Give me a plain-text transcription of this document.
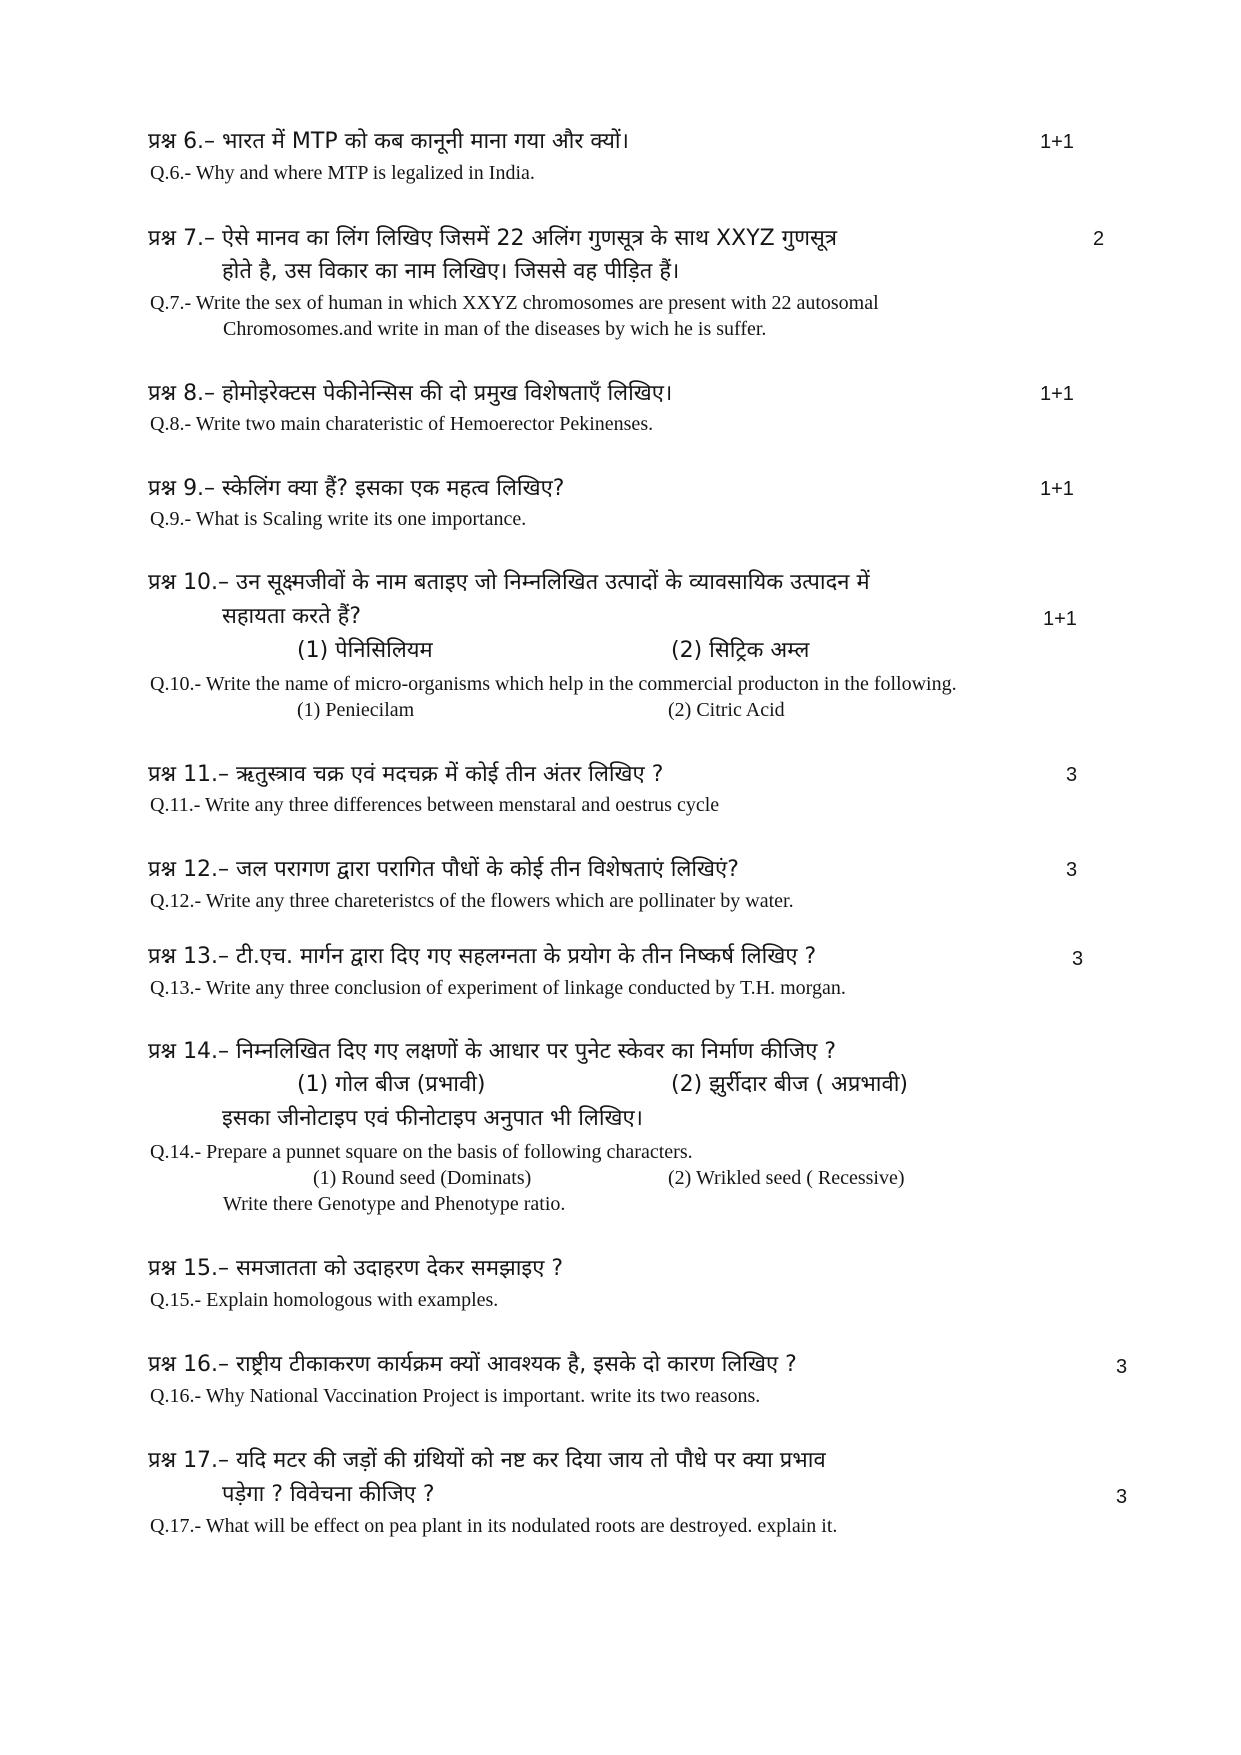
प्रश्न 6.– भारत में MTP को कब कानूनी माना गया और क्यों।	1+1
Q.6.- Why and where MTP is legalized in India.
प्रश्न 7.– ऐसे मानव का लिंग लिखिए जिसमें 22 अलिंग गुणसूत्र के साथ XXYZ गुणसूत्र	2
होते है, उस विकार का नाम लिखिए। जिससे वह पीड़ित हैं।
Q.7.- Write the sex of human in which XXYZ chromosomes are present with 22 autosomal
Chromosomes.and write in man of the diseases by wich he is suffer.
प्रश्न 8.– होमोइरेक्टस पेकीनेन्सिस की दो प्रमुख विशेषताएँ लिखिए।	1+1
Q.8.- Write two main charateristic of Hemoerector Pekinenses.
प्रश्न 9.– स्केलिंग क्या हैं? इसका एक महत्व लिखिए?	1+1
Q.9.- What is Scaling write its one importance.
प्रश्न 10.– उन सूक्ष्मजीवों के नाम बताइए जो निम्नलिखित उत्पादों के व्यावसायिक उत्पादन में
सहायता करते हैं?	1+1
(1) पेनिसिलियम	(2) सिट्रिक अम्ल
Q.10.- Write the name of micro-organisms which help in the commercial producton in the following.
(1) Peniecilam	(2) Citric Acid
प्रश्न 11.– ऋतुस्त्राव चक्र एवं मदचक्र में कोई तीन अंतर लिखिए ?	3
Q.11.- Write any three differences between menstaral and oestrus cycle
प्रश्न 12.– जल परागण द्वारा परागित पौधों के कोई तीन विशेषताएं लिखिएं?	3
Q.12.- Write any three chareteristcs of the flowers which are pollinater by water.
प्रश्न 13.– टी.एच. मार्गन द्वारा दिए गए सहलग्नता के प्रयोग के तीन निष्कर्ष लिखिए ?	3
Q.13.- Write any three conclusion of experiment of linkage conducted by T.H. morgan.
प्रश्न 14.– निम्नलिखित दिए गए लक्षणों के आधार पर पुनेट स्केवर का निर्माण कीजिए ?
(1) गोल बीज (प्रभावी)	(2) झुर्रीदार बीज ( अप्रभावी)
इसका जीनोटाइप एवं फीनोटाइप अनुपात भी लिखिए।
Q.14.- Prepare a punnet square on the basis of following characters.
(1) Round seed (Dominats)	(2) Wrikled seed ( Recessive)
Write there Genotype and Phenotype ratio.
प्रश्न 15.– समजातता को उदाहरण देकर समझाइए ?
Q.15.- Explain homologous with examples.
प्रश्न 16.– राष्ट्रीय टीकाकरण कार्यक्रम क्यों आवश्यक है, इसके दो कारण लिखिए ?	3
Q.16.- Why National Vaccination Project is important. write its two reasons.
प्रश्न 17.– यदि मटर की जड़ों की ग्रंथियों को नष्ट कर दिया जाय तो पौधे पर क्या प्रभाव
पड़ेगा ? विवेचना कीजिए ?	3
Q.17.- What will be effect on pea plant in its nodulated roots are destroyed. explain it.
